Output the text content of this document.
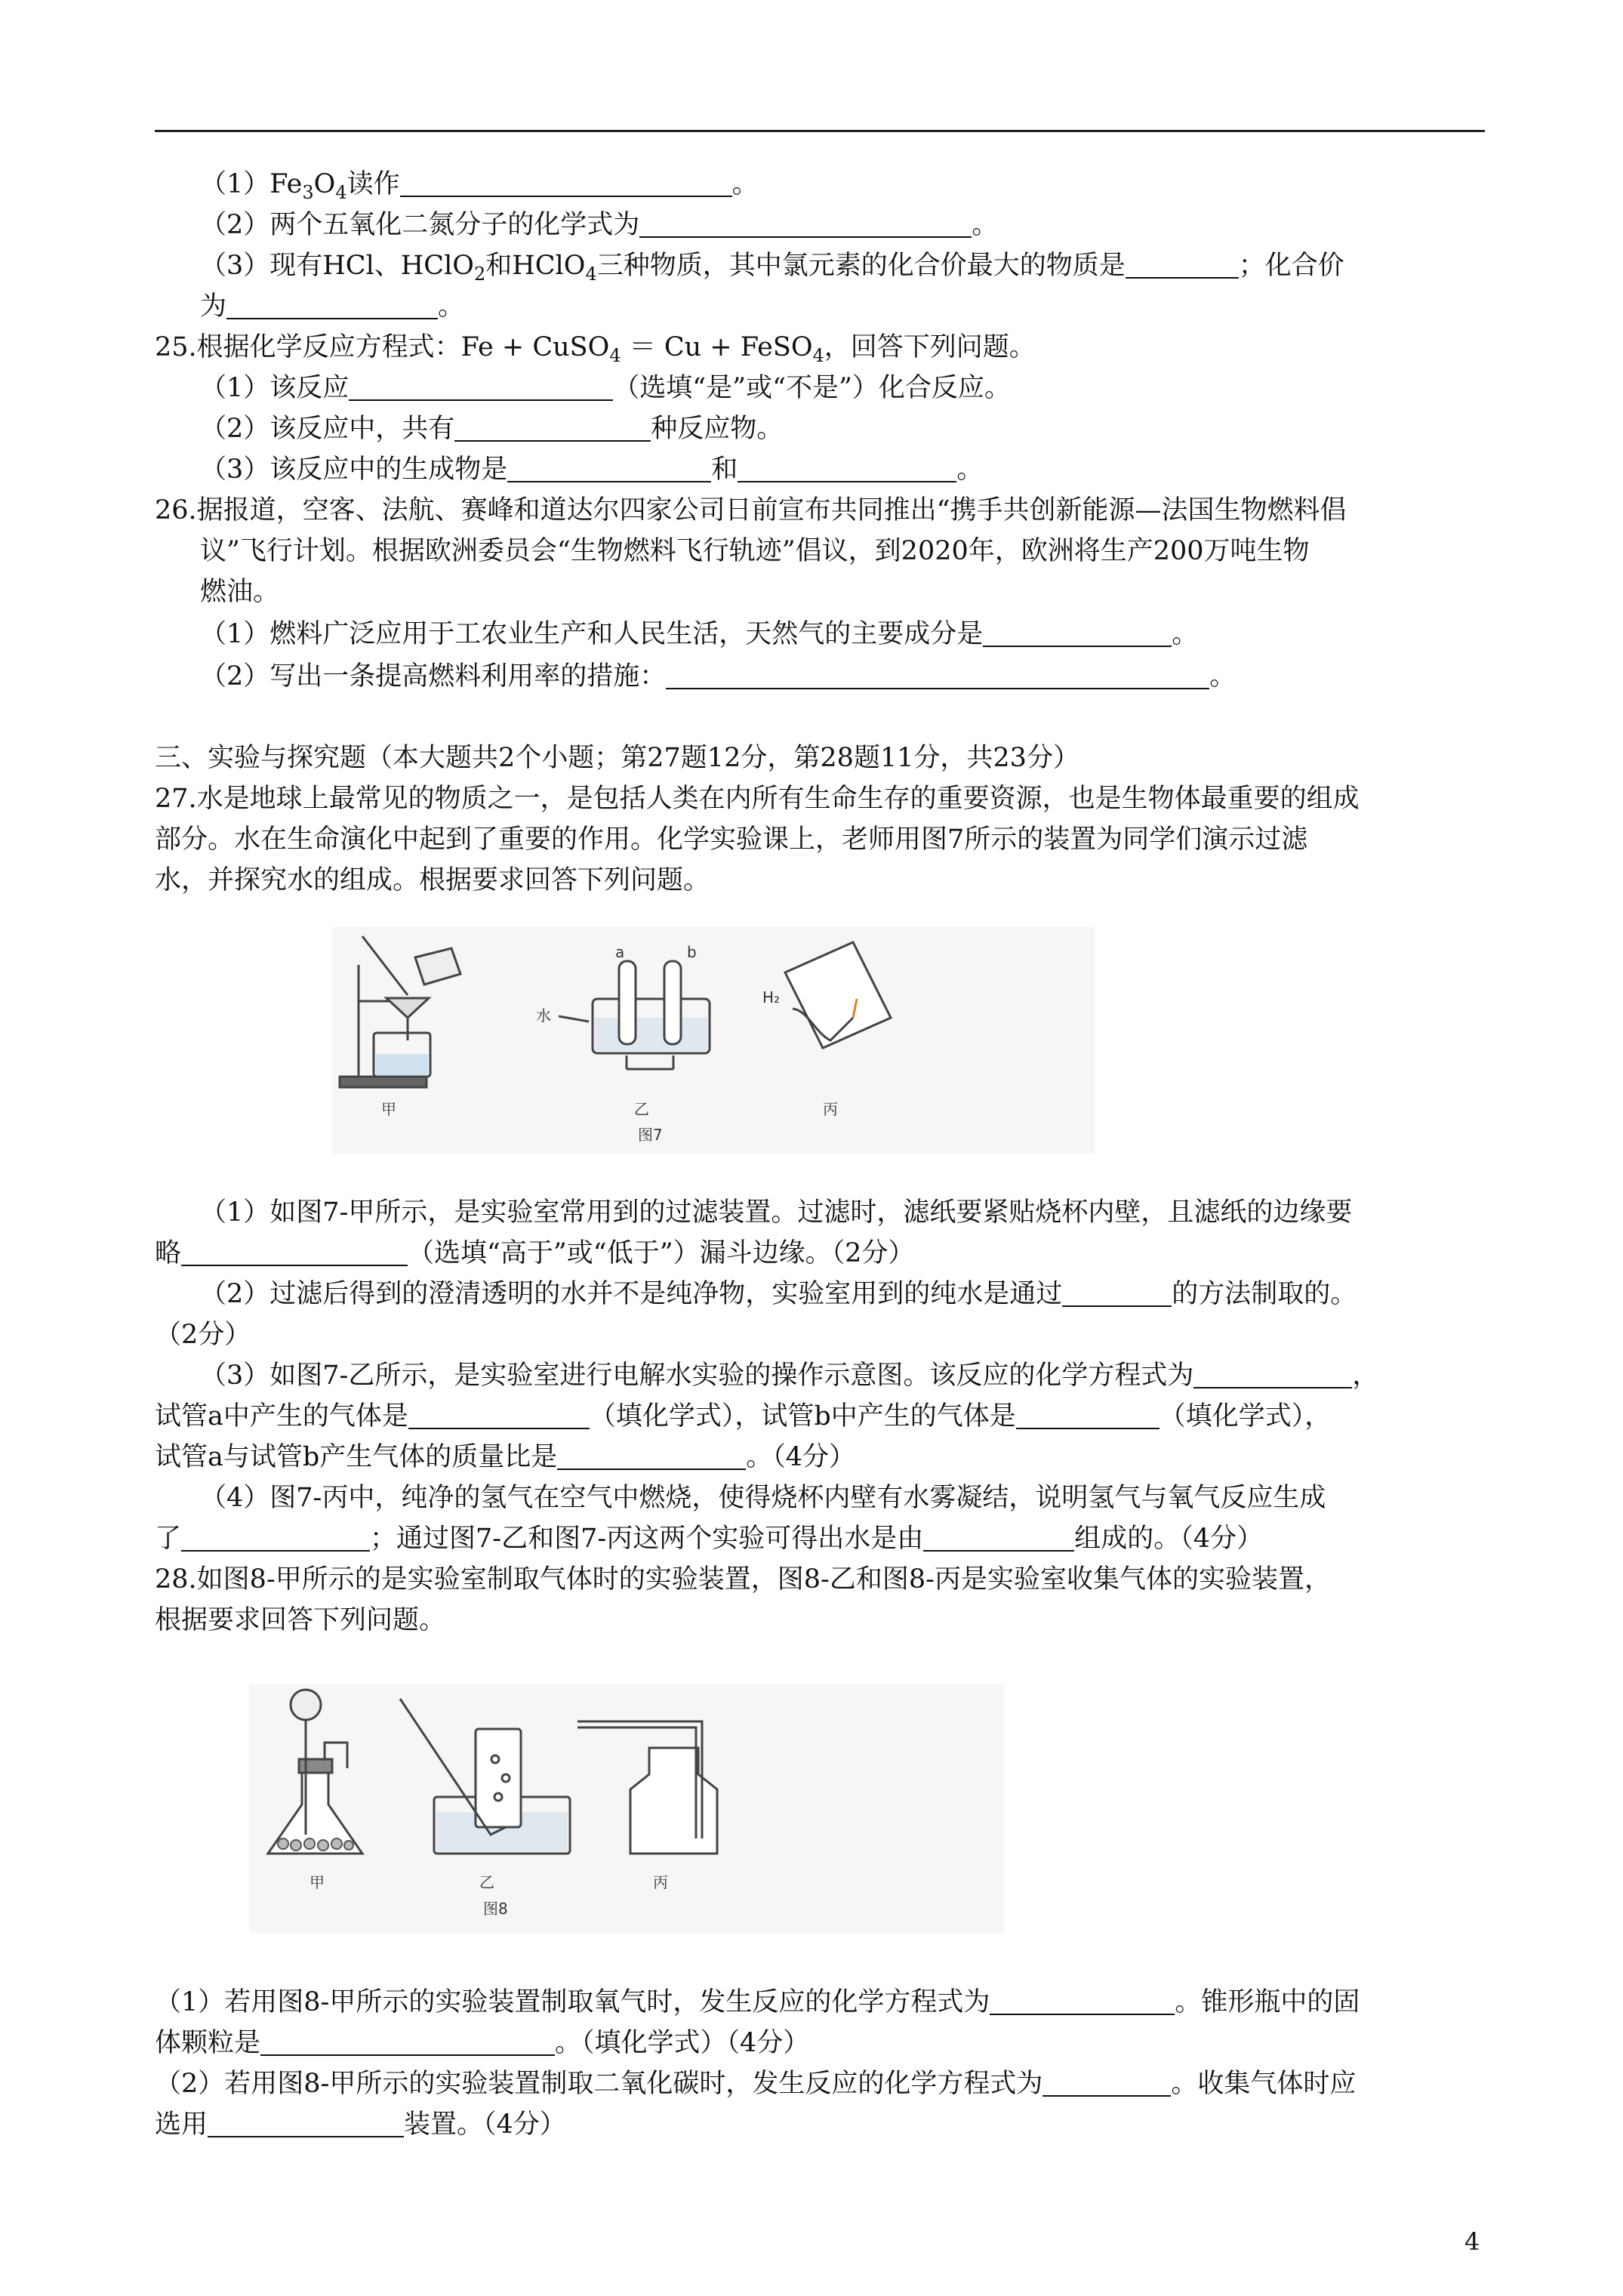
$(1)Fe_3O_4$读作	。
（2）两个五氧化二氮分子的化学式为	。
（3）现有HCl、HClO$_2$和HClO$_4$三种物质，其中氯元素的化合价最大的物质是	；化合价
为	。
25.根据化学反应方程式：Fe + CuSO$_4$ ＝ Cu + FeSO$_4$，回答下列问题。
（1）该反应	（选填“是”或“不是”）化合反应。
（2）该反应中，共有	种反应物。
（3）该反应中的生成物是	和	。
26.据报道，空客、法航、赛峰和道达尔四家公司日前宣布共同推出“携手共创新能源—法国生物燃料倡
议”飞行计划。根据欧洲委员会“生物燃料飞行轨迹”倡议，到2020年，欧洲将生产200万吨生物
燃油。
（1）燃料广泛应用于工农业生产和人民生活，天然气的主要成分是	。
（2）写出一条提高燃料利用率的措施：	。
三、实验与探究题（本大题共2个小题；第27题12分，第28题11分，共23分）
27.水是地球上最常见的物质之一，是包括人类在内所有生命生存的重要资源，也是生物体最重要的组成
部分。水在生命演化中起到了重要的作用。化学实验课上，老师用图7所示的装置为同学们演示过滤
水，并探究水的组成。根据要求回答下列问题。
甲
a	b
水
乙
图7
H₂
丙
（1）如图7-甲所示，是实验室常用到的过滤装置。过滤时，滤纸要紧贴烧杯内壁，且滤纸的边缘要
略	（选填“高于”或“低于”）漏斗边缘。（2分）
（2）过滤后得到的澄清透明的水并不是纯净物，实验室用到的纯水是通过	的方法制取的。
（2分）
（3）如图7-乙所示，是实验室进行电解水实验的操作示意图。该反应的化学方程式为	，
试管a中产生的气体是	（填化学式），试管b中产生的气体是	（填化学式），
试管a与试管b产生气体的质量比是	。（4分）
（4）图7-丙中，纯净的氢气在空气中燃烧，使得烧杯内壁有水雾凝结，说明氢气与氧气反应生成
了	；通过图7-乙和图7-丙这两个实验可得出水是由	组成的。（4分）
28.如图8-甲所示的是实验室制取气体时的实验装置，图8-乙和图8-丙是实验室收集气体的实验装置，
根据要求回答下列问题。
甲	乙
图8
丙
（1）若用图8-甲所示的实验装置制取氧气时，发生反应的化学方程式为	。锥形瓶中的固
体颗粒是	。（填化学式）（4分）
（2）若用图8-甲所示的实验装置制取二氧化碳时，发生反应的化学方程式为	。收集气体时应
选用	装置。（4分）
4
